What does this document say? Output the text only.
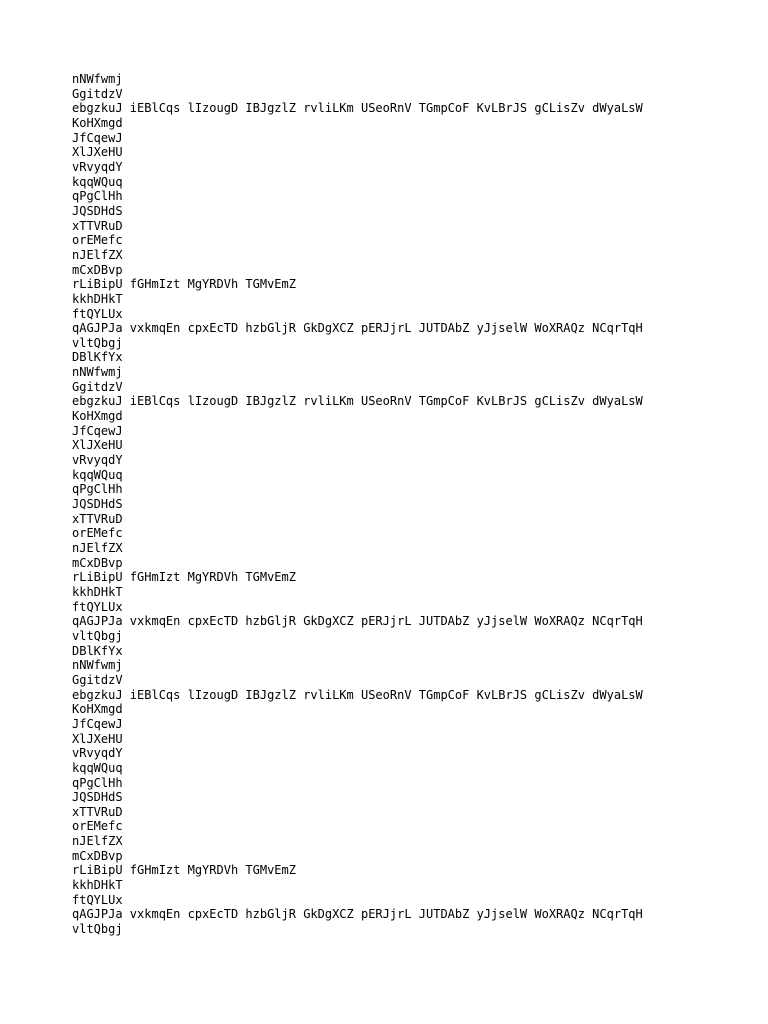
nNWfwmj
GgitdzV
ebgzkuJ iEBlCqs lIzougD IBJgzlZ rvliLKm USeoRnV TGmpCoF KvLBrJS gCLisZv dWyaLsW
KoHXmgd
JfCqewJ
XlJXeHU
vRvyqdY
kqqWQuq
qPgClHh
JQSDHdS
xTTVRuD
orEMefc
nJElfZX
mCxDBvp
rLiBipU fGHmIzt MgYRDVh TGMvEmZ
kkhDHkT
ftQYLUx
qAGJPJa vxkmqEn cpxEcTD hzbGljR GkDgXCZ pERJjrL JUTDAbZ yJjselW WoXRAQz NCqrTqH
vltQbgj
DBlKfYx
nNWfwmj
GgitdzV
ebgzkuJ iEBlCqs lIzougD IBJgzlZ rvliLKm USeoRnV TGmpCoF KvLBrJS gCLisZv dWyaLsW
KoHXmgd
JfCqewJ
XlJXeHU
vRvyqdY
kqqWQuq
qPgClHh
JQSDHdS
xTTVRuD
orEMefc
nJElfZX
mCxDBvp
rLiBipU fGHmIzt MgYRDVh TGMvEmZ
kkhDHkT
ftQYLUx
qAGJPJa vxkmqEn cpxEcTD hzbGljR GkDgXCZ pERJjrL JUTDAbZ yJjselW WoXRAQz NCqrTqH
vltQbgj
DBlKfYx
nNWfwmj
GgitdzV
ebgzkuJ iEBlCqs lIzougD IBJgzlZ rvliLKm USeoRnV TGmpCoF KvLBrJS gCLisZv dWyaLsW
KoHXmgd
JfCqewJ
XlJXeHU
vRvyqdY
kqqWQuq
qPgClHh
JQSDHdS
xTTVRuD
orEMefc
nJElfZX
mCxDBvp
rLiBipU fGHmIzt MgYRDVh TGMvEmZ
kkhDHkT
ftQYLUx
qAGJPJa vxkmqEn cpxEcTD hzbGljR GkDgXCZ pERJjrL JUTDAbZ yJjselW WoXRAQz NCqrTqH
vltQbgj
